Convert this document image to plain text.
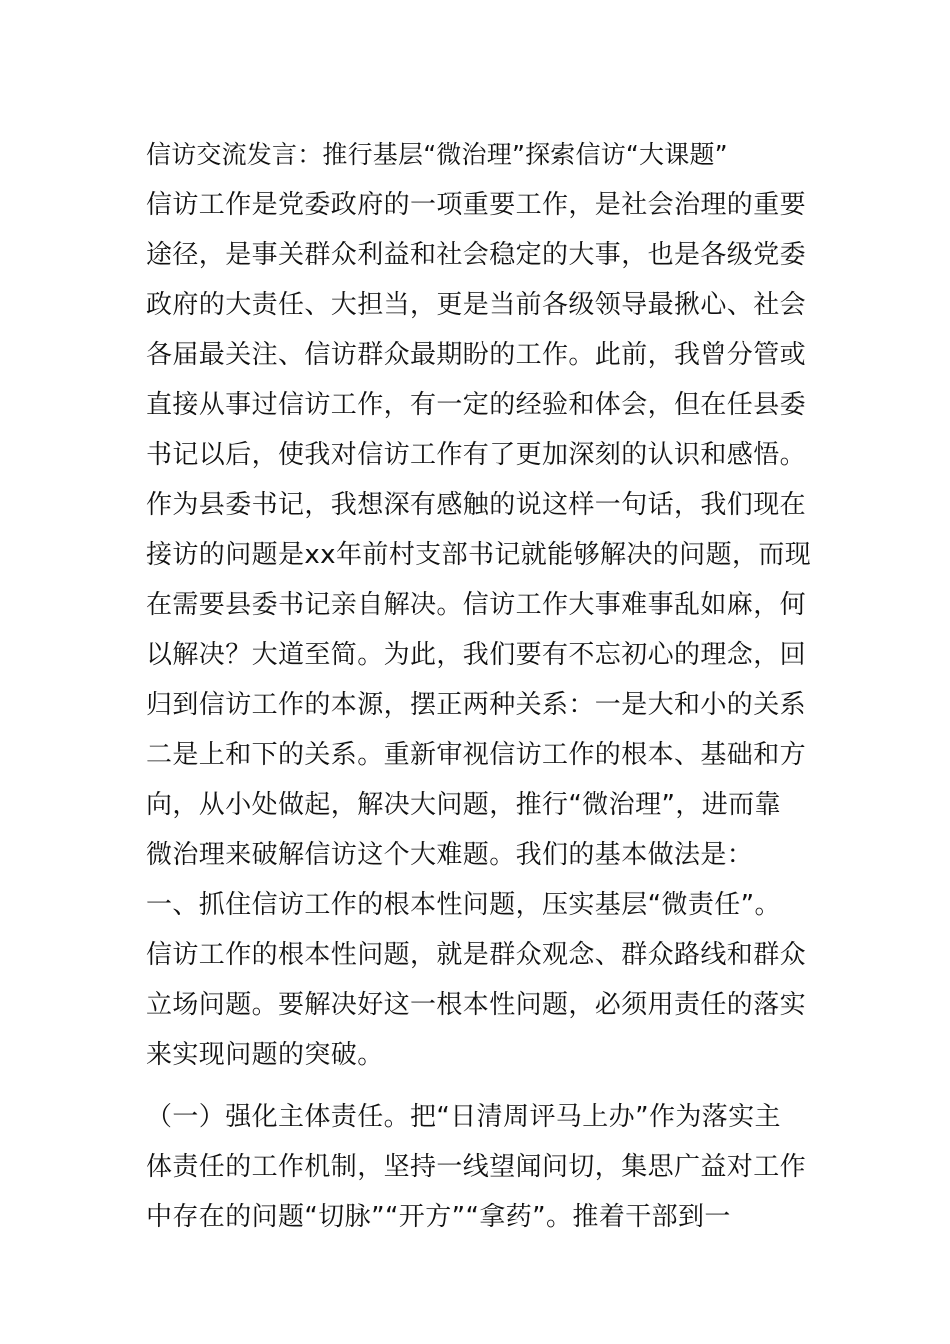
信访交流发言：推行基层“微治理”探索信访“大课题”
信访工作是党委政府的一项重要工作，是社会治理的重要
途径，是事关群众利益和社会稳定的大事，也是各级党委
政府的大责任、大担当，更是当前各级领导最揪心、社会
各届最关注、信访群众最期盼的工作。此前，我曾分管或
直接从事过信访工作，有一定的经验和体会，但在任县委
书记以后，使我对信访工作有了更加深刻的认识和感悟。
作为县委书记，我想深有感触的说这样一句话，我们现在
接访的问题是xx年前村支部书记就能够解决的问题，而现
在需要县委书记亲自解决。信访工作大事难事乱如麻，何
以解决？大道至简。为此，我们要有不忘初心的理念，回
归到信访工作的本源，摆正两种关系：一是大和小的关系
二是上和下的关系。重新审视信访工作的根本、基础和方
向，从小处做起，解决大问题，推行“微治理”，进而靠
微治理来破解信访这个大难题。我们的基本做法是：
一、抓住信访工作的根本性问题，压实基层“微责任”。
信访工作的根本性问题，就是群众观念、群众路线和群众
立场问题。要解决好这一根本性问题，必须用责任的落实
来实现问题的突破。
（一）强化主体责任。把“日清周评马上办”作为落实主
体责任的工作机制，坚持一线望闻问切，集思广益对工作
中存在的问题“切脉”“开方”“拿药”。推着干部到一
